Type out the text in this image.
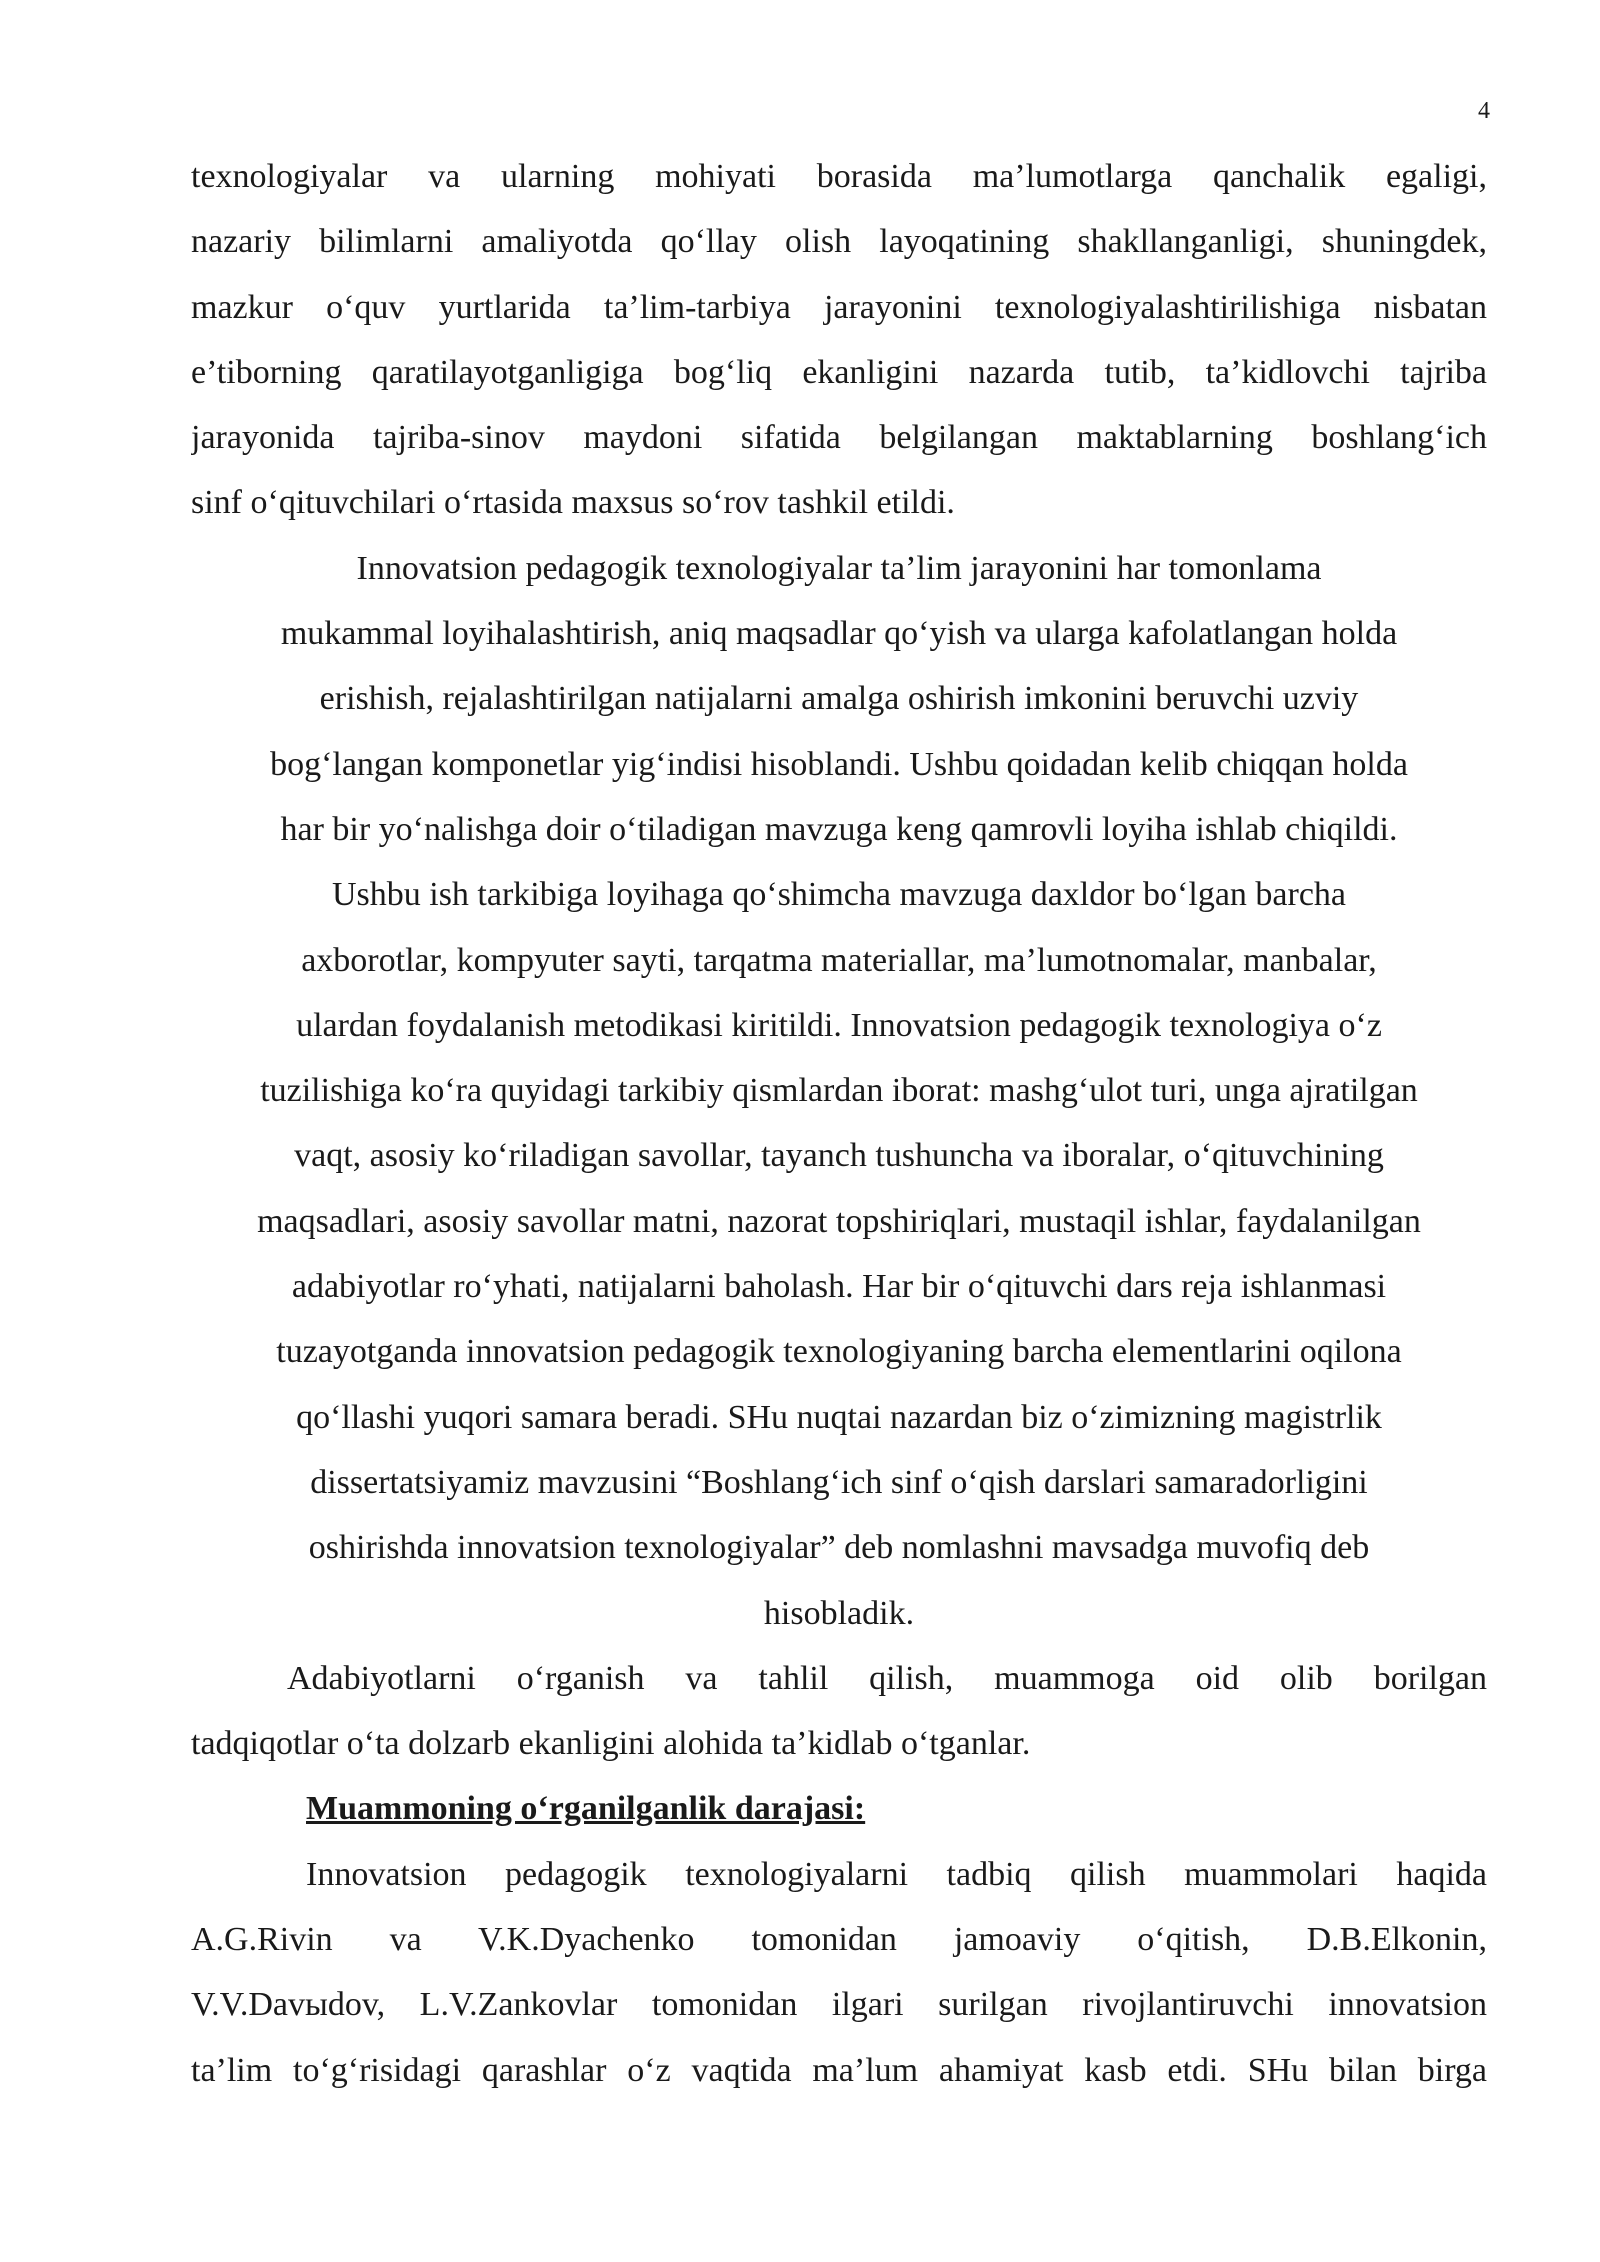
4

texnologiyalar va ularning mohiyati borasida ma’lumotlarga qanchalik egaligi,
nazariy bilimlarni amaliyotda qo‘llay olish layoqatining shakllanganligi, shuningdek,
mazkur o‘quv yurtlarida ta’lim-tarbiya jarayonini texnologiyalashtirilishiga nisbatan
e’tiborning qaratilayotganligiga bog‘liq ekanligini nazarda tutib, ta’kidlovchi tajriba
jarayonida tajriba-sinov maydoni sifatida belgilangan maktablarning boshlang‘ich
sinf o‘qituvchilari o‘rtasida maxsus so‘rov tashkil etildi.

Innovatsion pedagogik texnologiyalar ta’lim jarayonini har tomonlama
mukammal loyihalashtirish, aniq maqsadlar qo‘yish va ularga kafolatlangan holda
erishish, rejalashtirilgan natijalarni amalga oshirish imkonini beruvchi uzviy
bog‘langan komponetlar yig‘indisi hisoblandi. Ushbu qoidadan kelib chiqqan holda
har bir yo‘nalishga doir o‘tiladigan mavzuga keng qamrovli loyiha ishlab chiqildi.
Ushbu ish tarkibiga loyihaga qo‘shimcha mavzuga daxldor bo‘lgan barcha
axborotlar, kompyuter sayti, tarqatma materiallar, ma’lumotnomalar, manbalar,
ulardan foydalanish metodikasi kiritildi. Innovatsion pedagogik texnologiya o‘z
tuzilishiga ko‘ra quyidagi tarkibiy qismlardan iborat: mashg‘ulot turi, unga ajratilgan
vaqt, asosiy ko‘riladigan savollar, tayanch tushuncha va iboralar, o‘qituvchining
maqsadlari, asosiy savollar matni, nazorat topshiriqlari, mustaqil ishlar, faydalanilgan
adabiyotlar ro‘yhati, natijalarni baholash. Har bir o‘qituvchi dars reja ishlanmasi
tuzayotganda innovatsion pedagogik texnologiyaning barcha elementlarini oqilona
qo‘llashi yuqori samara beradi. SHu nuqtai nazardan biz o‘zimizning magistrlik
dissertatsiyamiz mavzusini “Boshlang‘ich sinf o‘qish darslari samaradorligini
oshirishda innovatsion texnologiyalar” deb nomlashni mavsadga muvofiq deb
hisobladik.

Adabiyotlarni o‘rganish va tahlil qilish, muammoga oid olib borilgan
tadqiqotlar o‘ta dolzarb ekanligini alohida ta’kidlab o‘tganlar.

Muammoning o‘rganilganlik darajasi:

Innovatsion pedagogik texnologiyalarni tadbiq qilish muammolari haqida
A.G.Rivin va V.K.Dyachenko tomonidan jamoaviy o‘qitish, D.B.Elkonin,
V.V.Davыdov, L.V.Zankovlar tomonidan ilgari surilgan rivojlantiruvchi innovatsion
ta’lim to‘g‘risidagi qarashlar o‘z vaqtida ma’lum ahamiyat kasb etdi. SHu bilan birga
